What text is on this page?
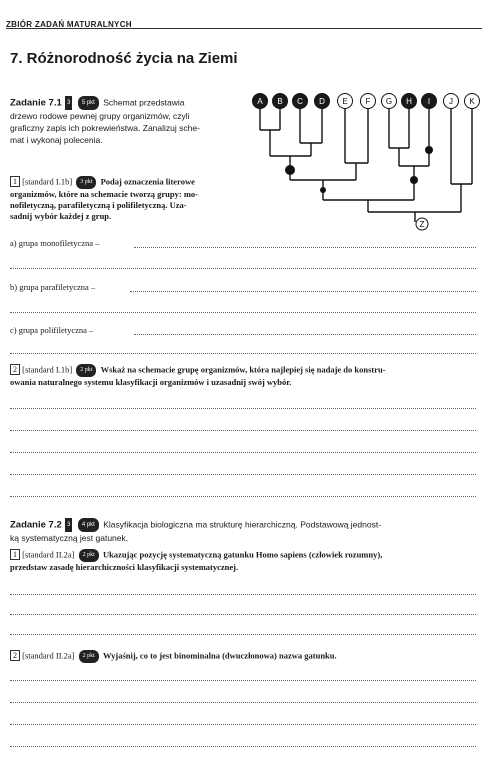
ZBIÓR ZADAŃ MATURALNYCH
7. Różnorodność życia na Ziemi
Zadanie 7.1 3 5 pkt Schemat przedstawia
drzewo rodowe pewnej grupy organizmów, czyli
graficzny zapis ich pokrewieństwa. Zanalizuj sche-
mat i wykonaj polecenia.
1 [standard I.1b] 3 pkt Podaj oznaczenia literowe
organizmów, które na schemacie tworzą grupy: mo-
nofiletyczną, parafiletyczną i polifiletyczną. Uza-
sadnij wybór każdej z grup.
A B C D E F G H I J K
Z
a) grupa monofiletyczna –
b) grupa parafiletyczna –
c) grupa polifiletyczna –
2 [standard I.1b] 2 pkt Wskaż na schemacie grupę organizmów, która najlepiej się nadaje do konstru-
owania naturalnego systemu klasyfikacji organizmów i uzasadnij swój wybór.
Zadanie 7.2 3 4 pkt Klasyfikacja biologiczna ma strukturę hierarchiczną. Podstawową jednost-
ką systematyczną jest gatunek.
1 [standard II.2a] 2 pkt Ukazując pozycję systematyczną gatunku Homo sapiens (człowiek rozumny),
przedstaw zasadę hierarchiczności klasyfikacji systematycznej.
2 [standard II.2a] 2 pkt Wyjaśnij, co to jest binominalna (dwuczłonowa) nazwa gatunku.
